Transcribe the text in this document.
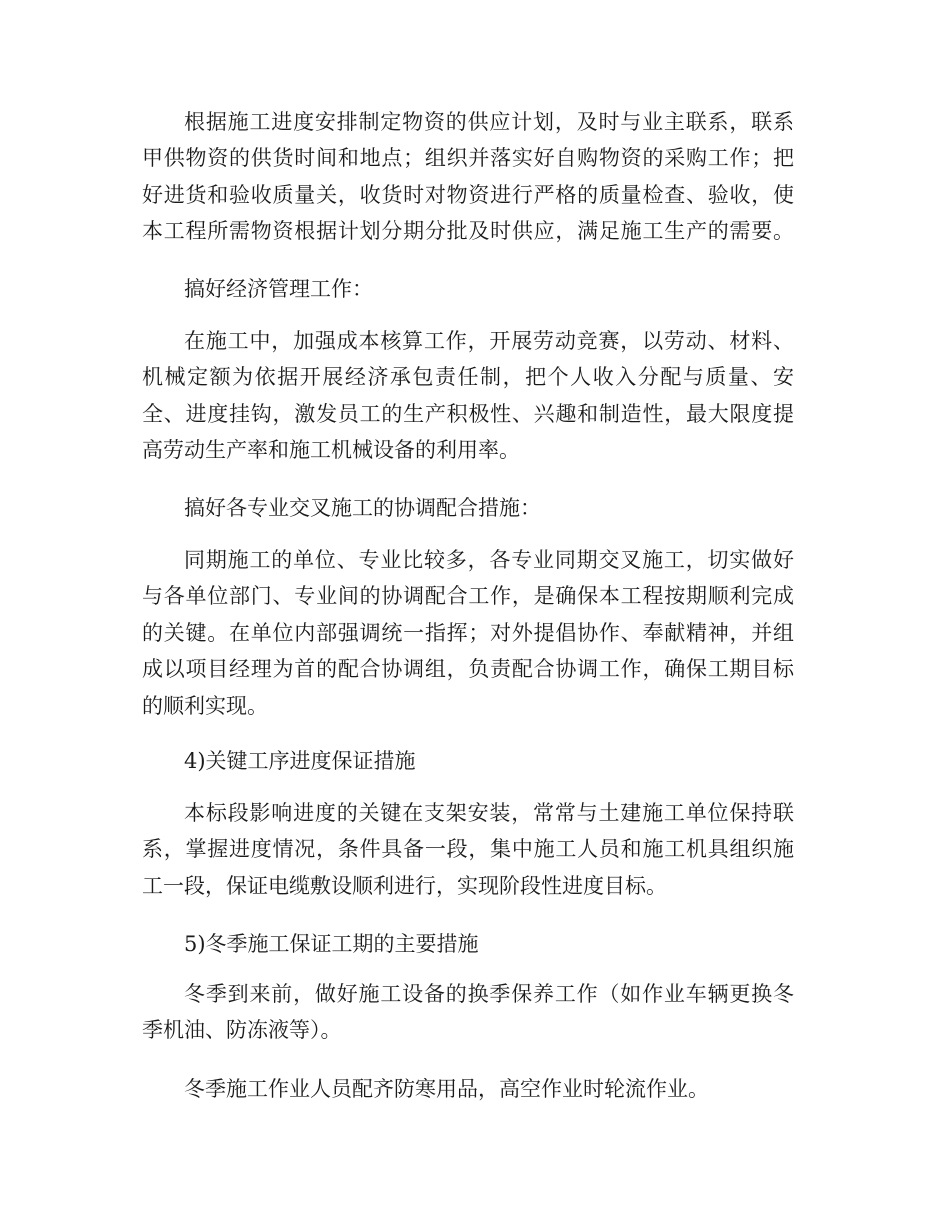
根据施工进度安排制定物资的供应计划，及时与业主联系，联系
甲供物资的供货时间和地点；组织并落实好自购物资的采购工作；把
好进货和验收质量关，收货时对物资进行严格的质量检查、验收，使
本工程所需物资根据计划分期分批及时供应，满足施工生产的需要。
搞好经济管理工作：
在施工中，加强成本核算工作，开展劳动竞赛，以劳动、材料、
机械定额为依据开展经济承包责任制，把个人收入分配与质量、安
全、进度挂钩，激发员工的生产积极性、兴趣和制造性，最大限度提
高劳动生产率和施工机械设备的利用率。
搞好各专业交叉施工的协调配合措施：
同期施工的单位、专业比较多，各专业同期交叉施工，切实做好
与各单位部门、专业间的协调配合工作，是确保本工程按期顺利完成
的关键。在单位内部强调统一指挥；对外提倡协作、奉献精神，并组
成以项目经理为首的配合协调组，负责配合协调工作，确保工期目标
的顺利实现。
4)关键工序进度保证措施
本标段影响进度的关键在支架安装，常常与土建施工单位保持联
系，掌握进度情况，条件具备一段，集中施工人员和施工机具组织施
工一段，保证电缆敷设顺利进行，实现阶段性进度目标。
5)冬季施工保证工期的主要措施
冬季到来前，做好施工设备的换季保养工作（如作业车辆更换冬
季机油、防冻液等）。
冬季施工作业人员配齐防寒用品，高空作业时轮流作业。
